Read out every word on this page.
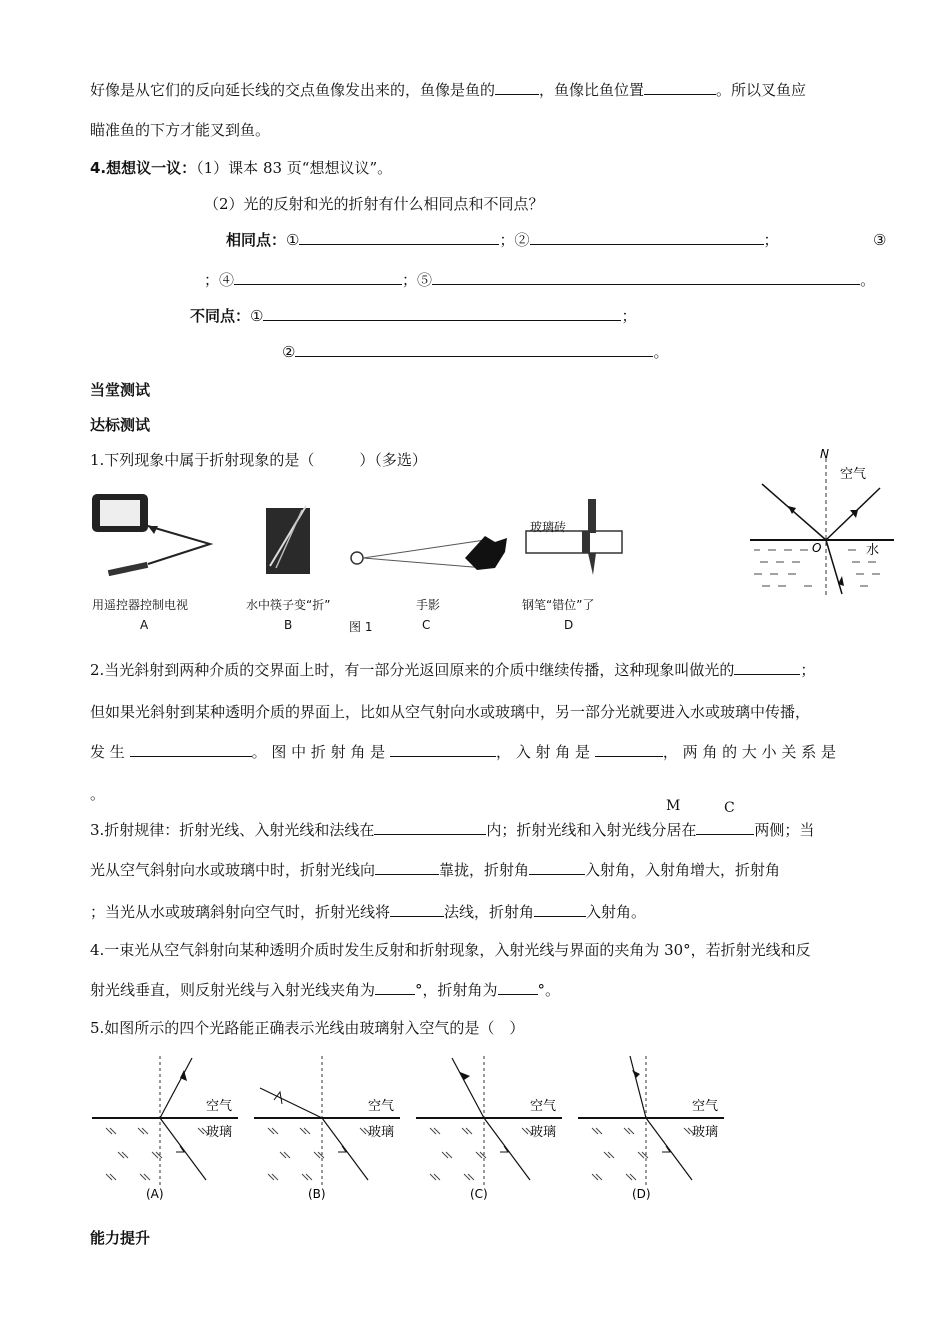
好像是从它们的反向延长线的交点鱼像发出来的，鱼像是鱼的	，鱼像比鱼位置	。所以叉鱼应
瞄准鱼的下方才能叉到鱼。
4.想想议一议：（1）课本 83 页“想想议议”。
（2）光的反射和光的折射有什么相同点和不同点？
相同点：①	；②	；	③
；④	；⑤	。
不同点：①	；
②	。
当堂测试
达标测试
1.下列现象中属于折射现象的是（　　　）（多选）
用遥控器控制电视
A
水中筷子变“折”
B	图 1
手影
C
玻璃砖
钢笔“错位”了
D
N
空气
O	水
2.当光斜射到两种介质的交界面上时，有一部分光返回原来的介质中继续传播，这种现象叫做光的	；
但如果光斜射到某种透明介质的界面上，比如从空气射向水或玻璃中，另一部分光就要进入水或玻璃中传播，
发 生	。 图 中 折 射 角 是	， 入 射 角 是	， 两 角 的 大 小 关 系 是
。
M	C
3.折射规律：折射光线、入射光线和法线在	内；折射光线和入射光线分居在	两侧；当
光从空气斜射向水或玻璃中时，折射光线向	靠拢，折射角	入射角，入射角增大，折射角
；当光从水或玻璃斜射向空气时，折射光线将	法线，折射角	入射角。
4.一束光从空气斜射向某种透明介质时发生反射和折射现象，入射光线与界面的夹角为 30°，若折射光线和反
射光线垂直，则反射光线与入射光线夹角为	°，折射角为	°。
5.如图所示的四个光路能正确表示光线由玻璃射入空气的是（　）
空气
玻璃
(A)
空气
玻璃
(B)
空气
玻璃
(C)
空气
玻璃
(D)
能力提升
